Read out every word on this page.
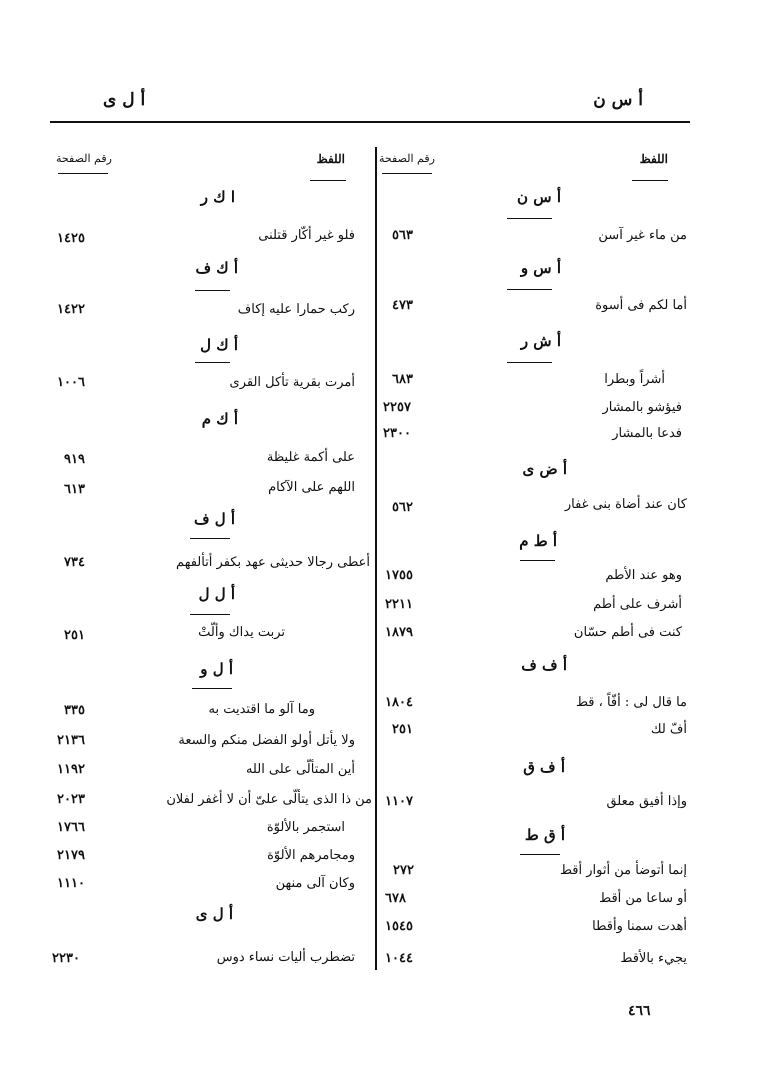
أ س ن
أ ل ى
اللفظ
رقم الصفحة
اللفظ
رقم الصفحة
أ س ن
أ س و
أ ش ر
أ ض ى
أ ط م
أ ف ف
أ ف ق
أ ق ط
من ماء غير آسن
٥٦٣
أما لكم فى أسوة
٤٧٣
أشراً وبطرا
٦٨٣
فيؤشو بالمشار
٢٢٥٧
فدعا بالمشار
٢٣٠٠
كان عند أضاة بنى غفار
٥٦٢
وهو عند الأطم
١٧٥٥
أشرف على أطم
٢٢١١
كنت فى أطم حسّان
١٨٧٩
ما قال لى : أفّاً ، قط
١٨٠٤
أفّ لك
٢٥١
وإذا أفيق معلق
١١٠٧
إنما أتوضأ من أثوار أقط
٢٧٢
أو ساعا من أقط
٦٧٨
أهدت سمنا وأقطا
١٥٤٥
يجيء بالأقط
١٠٤٤
ا ك ر
أ ك ف
أ ك ل
أ ك م
أ ل ف
أ ل ل
أ ل و
أ ل ى
فلو غير أكّار قتلنى
١٤٢٥
ركب حمارا عليه إكاف
١٤٢٢
أمرت بقرية تأكل القرى
١٠٠٦
على أكمة غليظة
٩١٩
اللهم على الآكام
٦١٣
أعطى رجالا حديثى عهد بكفر أتألفهم
٧٣٤
تربت يداك وألّتْ
٢٥١
وما آلو ما اقتديت به
٣٣٥
ولا يأتل أولو الفضل منكم والسعة
٢١٣٦
أين المتألّى على الله
١١٩٢
من ذا الذى يتألّى علىّ أن لا أغفر لفلان
٢٠٢٣
استجمر بالألوّة
١٧٦٦
ومجامرهم الألوّة
٢١٧٩
وكان آلى منهن
١١١٠
تضطرب أليات نساء دوس
٢٢٣٠
٤٦٦
